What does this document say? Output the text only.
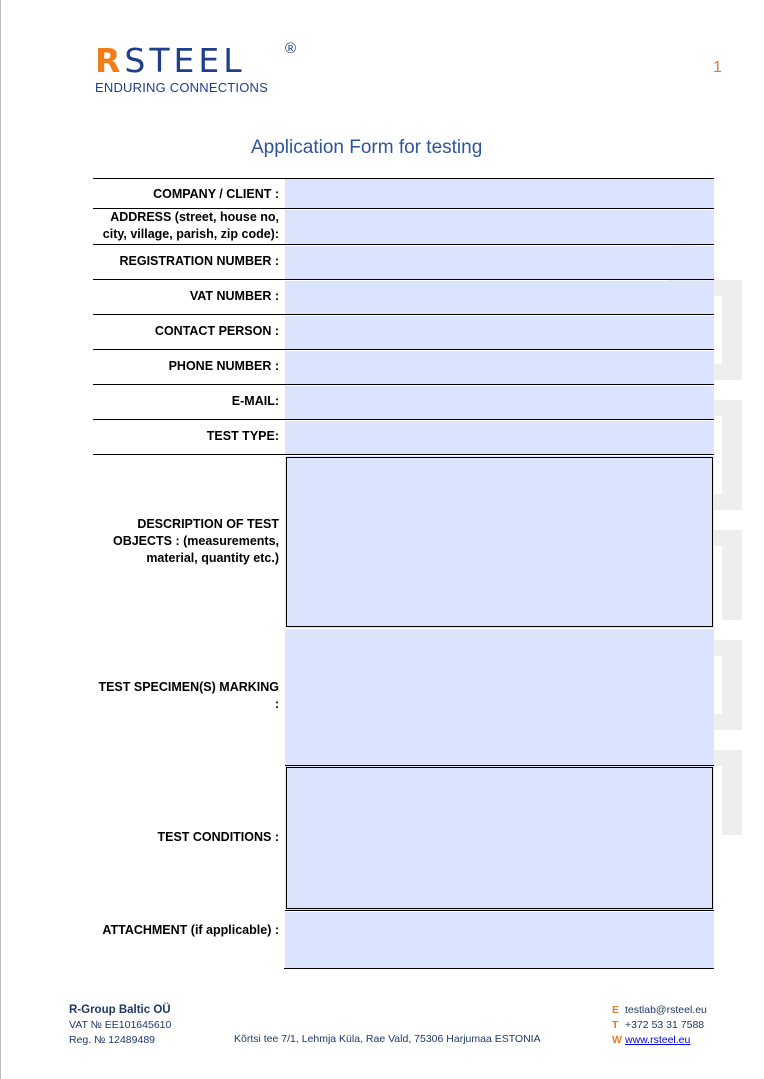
RSTEEL	®
ENDURING CONNECTIONS
1
Application Form for testing
COMPANY / CLIENT :
ADDRESS (street, house no, city, village, parish, zip code):
REGISTRATION NUMBER :
VAT NUMBER :
CONTACT PERSON :
PHONE NUMBER :
E-MAIL:
TEST TYPE:
DESCRIPTION OF TEST OBJECTS : (measurements, material, quantity etc.)
TEST SPECIMEN(S) MARKING :
TEST CONDITIONS :
ATTACHMENT (if applicable) :
R-Group Baltic OÜ
VAT № EE101645610
Reg. № 12489489	Kõrtsi tee 7/1, Lehmja Küla, Rae Vald, 75306 Harjumaa ESTONIA
E testlab@rsteel.eu
T +372 53 31 7588
W www.rsteel.eu
